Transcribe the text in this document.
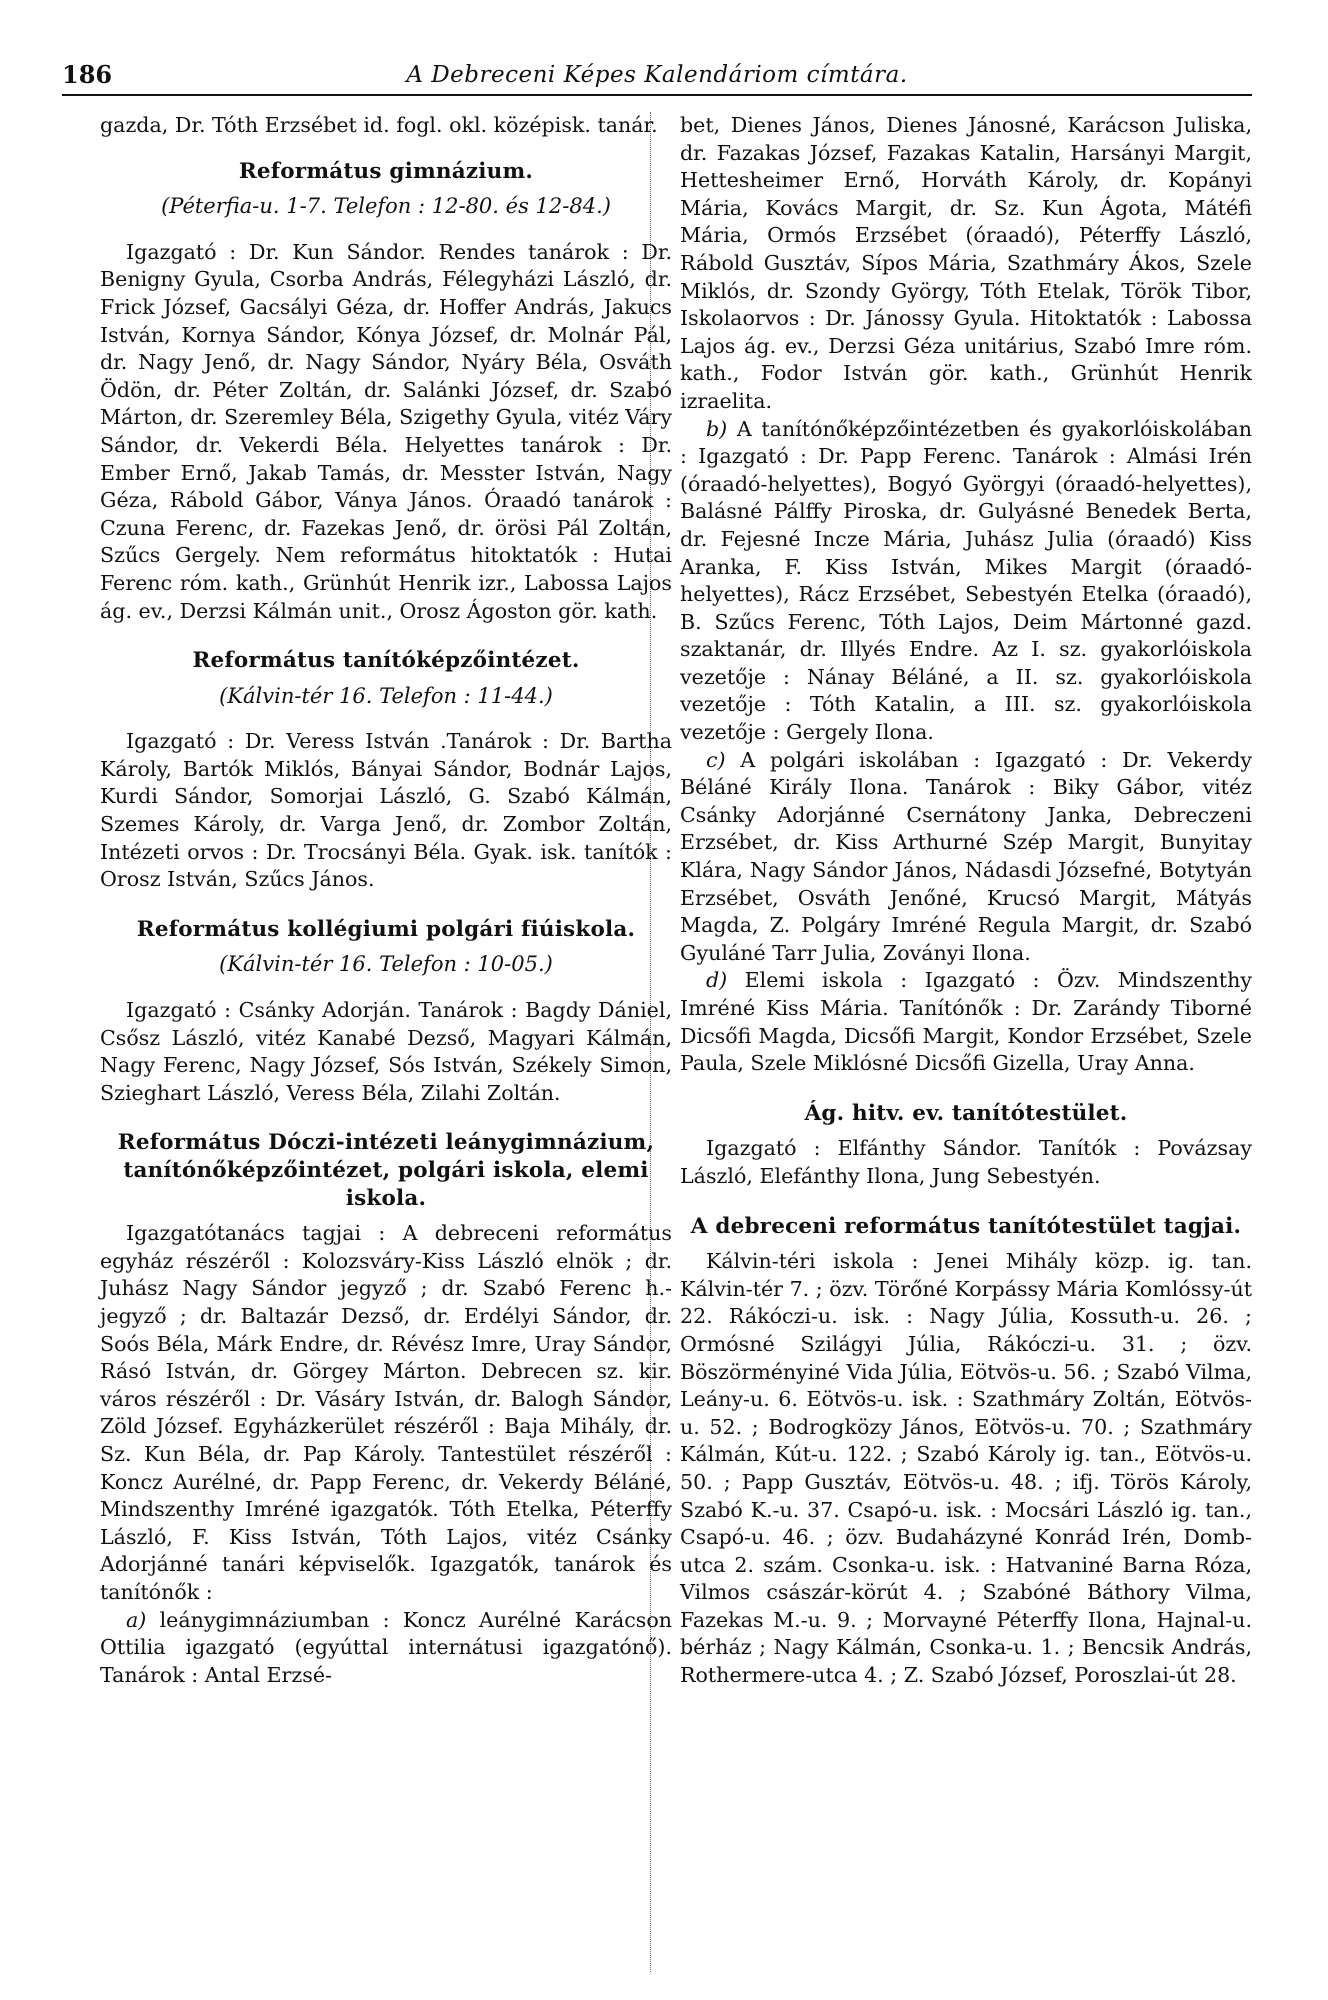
186	A Debreceni Képes Kalendáriom címtára.

gazda, Dr. Tóth Erzsébet id. fogl. okl. középisk. tanár.

Református gimnázium.
(Péterfia-u. 1-7. Telefon : 12-80. és 12-84.)

Igazgató : Dr. Kun Sándor. Rendes tanárok : Dr. Benigny Gyula, Csorba András, Félegyházi László, dr. Frick József, Gacsályi Géza, dr. Hoffer András, Jakucs István, Kornya Sándor, Kónya József, dr. Molnár Pál, dr. Nagy Jenő, dr. Nagy Sándor, Nyáry Béla, Osváth Ödön, dr. Péter Zoltán, dr. Salánki József, dr. Szabó Márton, dr. Szeremley Béla, Szigethy Gyula, vitéz Váry Sándor, dr. Vekerdi Béla. Helyettes tanárok : Dr. Ember Ernő, Jakab Tamás, dr. Messter István, Nagy Géza, Rábold Gábor, Ványa János. Óraadó tanárok : Czuna Ferenc, dr. Fazekas Jenő, dr. örösi Pál Zoltán, Szűcs Gergely. Nem református hitoktatók : Hutai Ferenc róm. kath., Grünhút Henrik izr., Labossa Lajos ág. ev., Derzsi Kálmán unit., Orosz Ágoston gör. kath.

Református tanítóképzőintézet.
(Kálvin-tér 16. Telefon : 11-44.)

Igazgató : Dr. Veress István .Tanárok : Dr. Bartha Károly, Bartók Miklós, Bányai Sándor, Bodnár Lajos, Kurdi Sándor, Somorjai László, G. Szabó Kálmán, Szemes Károly, dr. Varga Jenő, dr. Zombor Zoltán, Intézeti orvos : Dr. Trocsányi Béla. Gyak. isk. tanítók : Orosz István, Szűcs János.

Református kollégiumi polgári fiúiskola.
(Kálvin-tér 16. Telefon : 10-05.)

Igazgató : Csánky Adorján. Tanárok : Bagdy Dániel, Csősz László, vitéz Kanabé Dezső, Magyari Kálmán, Nagy Ferenc, Nagy József, Sós István, Székely Simon, Szieghart László, Veress Béla, Zilahi Zoltán.

Református Dóczi-intézeti leánygimnázium, tanítónőképzőintézet, polgári iskola, elemi iskola.

Igazgatótanács tagjai : A debreceni református egyház részéről : Kolozsváry-Kiss László elnök ; dr. Juhász Nagy Sándor jegyző ; dr. Szabó Ferenc h.-jegyző ; dr. Baltazár Dezső, dr. Erdélyi Sándor, dr. Soós Béla, Márk Endre, dr. Révész Imre, Uray Sándor, Rásó István, dr. Görgey Márton. Debrecen sz. kir. város részéről : Dr. Vásáry István, dr. Balogh Sándor, Zöld József. Egyházkerület részéről : Baja Mihály, dr. Sz. Kun Béla, dr. Pap Károly. Tantestület részéről : Koncz Aurélné, dr. Papp Ferenc, dr. Vekerdy Béláné, Mindszenthy Imréné igazgatók. Tóth Etelka, Péterffy László, F. Kiss István, Tóth Lajos, vitéz Csánky Adorjánné tanári képviselők. Igazgatók, tanárok és tanítónők :

a) leánygimnáziumban : Koncz Aurélné Karácson Ottilia igazgató (egyúttal internátusi igazgatónő). Tanárok : Antal Erzsé-

bet, Dienes János, Dienes Jánosné, Karácson Juliska, dr. Fazakas József, Fazakas Katalin, Harsányi Margit, Hettesheimer Ernő, Horváth Károly, dr. Kopányi Mária, Kovács Margit, dr. Sz. Kun Ágota, Mátéfi Mária, Ormós Erzsébet (óraadó), Péterffy László, Rábold Gusztáv, Sípos Mária, Szathmáry Ákos, Szele Miklós, dr. Szondy György, Tóth Etelak, Török Tibor, Iskolaorvos : Dr. Jánossy Gyula. Hitoktatók : Labossa Lajos ág. ev., Derzsi Géza unitárius, Szabó Imre róm. kath., Fodor István gör. kath., Grünhút Henrik izraelita.

b) A tanítónőképzőintézetben és gyakorlóiskolában : Igazgató : Dr. Papp Ferenc. Tanárok : Almási Irén (óraadó-helyettes), Bogyó Györgyi (óraadó-helyettes), Balásné Pálffy Piroska, dr. Gulyásné Benedek Berta, dr. Fejesné Incze Mária, Juhász Julia (óraadó) Kiss Aranka, F. Kiss István, Mikes Margit (óraadó-helyettes), Rácz Erzsébet, Sebestyén Etelka (óraadó), B. Szűcs Ferenc, Tóth Lajos, Deim Mártonné gazd. szaktanár, dr. Illyés Endre. Az I. sz. gyakorlóiskola vezetője : Nánay Béláné, a II. sz. gyakorlóiskola vezetője : Tóth Katalin, a III. sz. gyakorlóiskola vezetője : Gergely Ilona.

c) A polgári iskolában : Igazgató : Dr. Vekerdy Béláné Király Ilona. Tanárok : Biky Gábor, vitéz Csánky Adorjánné Csernátony Janka, Debreczeni Erzsébet, dr. Kiss Arthurné Szép Margit, Bunyitay Klára, Nagy Sándor János, Nádasdi Józsefné, Botytyán Erzsébet, Osváth Jenőné, Krucsó Margit, Mátyás Magda, Z. Polgáry Imréné Regula Margit, dr. Szabó Gyuláné Tarr Julia, Zoványi Ilona.

d) Elemi iskola : Igazgató : Özv. Mindszenthy Imréné Kiss Mária. Tanítónők : Dr. Zarándy Tiborné Dicsőfi Magda, Dicsőfi Margit, Kondor Erzsébet, Szele Paula, Szele Miklósné Dicsőfi Gizella, Uray Anna.

Ág. hitv. ev. tanítótestület.

Igazgató : Elfánthy Sándor. Tanítók : Povázsay László, Elefánthy Ilona, Jung Sebestyén.

A debreceni református tanítótestület tagjai.

Kálvin-téri iskola : Jenei Mihály közp. ig. tan. Kálvin-tér 7. ; özv. Törőné Korpássy Mária Komlóssy-út 22. Rákóczi-u. isk. : Nagy Júlia, Kossuth-u. 26. ; Ormósné Szilágyi Júlia, Rákóczi-u. 31. ; özv. Böszörményiné Vida Júlia, Eötvös-u. 56. ; Szabó Vilma, Leány-u. 6. Eötvös-u. isk. : Szathmáry Zoltán, Eötvös-u. 52. ; Bodrogközy János, Eötvös-u. 70. ; Szathmáry Kálmán, Kút-u. 122. ; Szabó Károly ig. tan., Eötvös-u. 50. ; Papp Gusztáv, Eötvös-u. 48. ; ifj. Törös Károly, Szabó K.-u. 37. Csapó-u. isk. : Mocsári László ig. tan., Csapó-u. 46. ; özv. Budaházyné Konrád Irén, Domb-utca 2. szám. Csonka-u. isk. : Hatvaniné Barna Róza, Vilmos császár-körút 4. ; Szabóné Báthory Vilma, Fazekas M.-u. 9. ; Morvayné Péterffy Ilona, Hajnal-u. bérház ; Nagy Kálmán, Csonka-u. 1. ; Bencsik András, Rothermere-utca 4. ; Z. Szabó József, Poroszlai-út 28.
